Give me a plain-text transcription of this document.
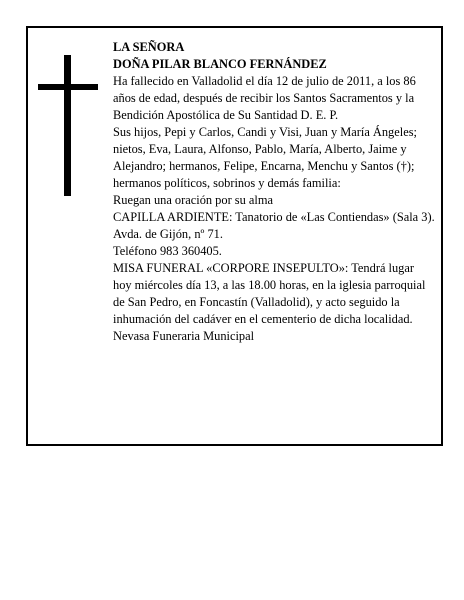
LA SEÑORA

DOÑA PILAR BLANCO FERNÁNDEZ

Ha fallecido en Valladolid el día 12 de julio de 2011, a los 86 años de edad, después de recibir los Santos Sacramentos y la Bendición Apostólica de Su Santidad D. E. P.

Sus hijos, Pepi y Carlos, Candi y Visi, Juan y María Ángeles; nietos, Eva, Laura, Alfonso, Pablo, María, Alberto, Jaime y Alejandro; hermanos, Felipe, Encarna, Menchu y Santos (†); hermanos políticos, sobrinos y demás familia:

Ruegan una oración por su alma

CAPILLA ARDIENTE: Tanatorio de «Las Contiendas» (Sala 3). Avda. de Gijón, nº 71.

Teléfono 983 360405.

MISA FUNERAL «CORPORE INSEPULTO»: Tendrá lugar hoy miércoles día 13, a las 18.00 horas, en la iglesia parroquial de San Pedro, en Foncastín (Valladolid), y acto seguido la inhumación del cadáver en el cementerio de dicha localidad.

Nevasa Funeraria Municipal
